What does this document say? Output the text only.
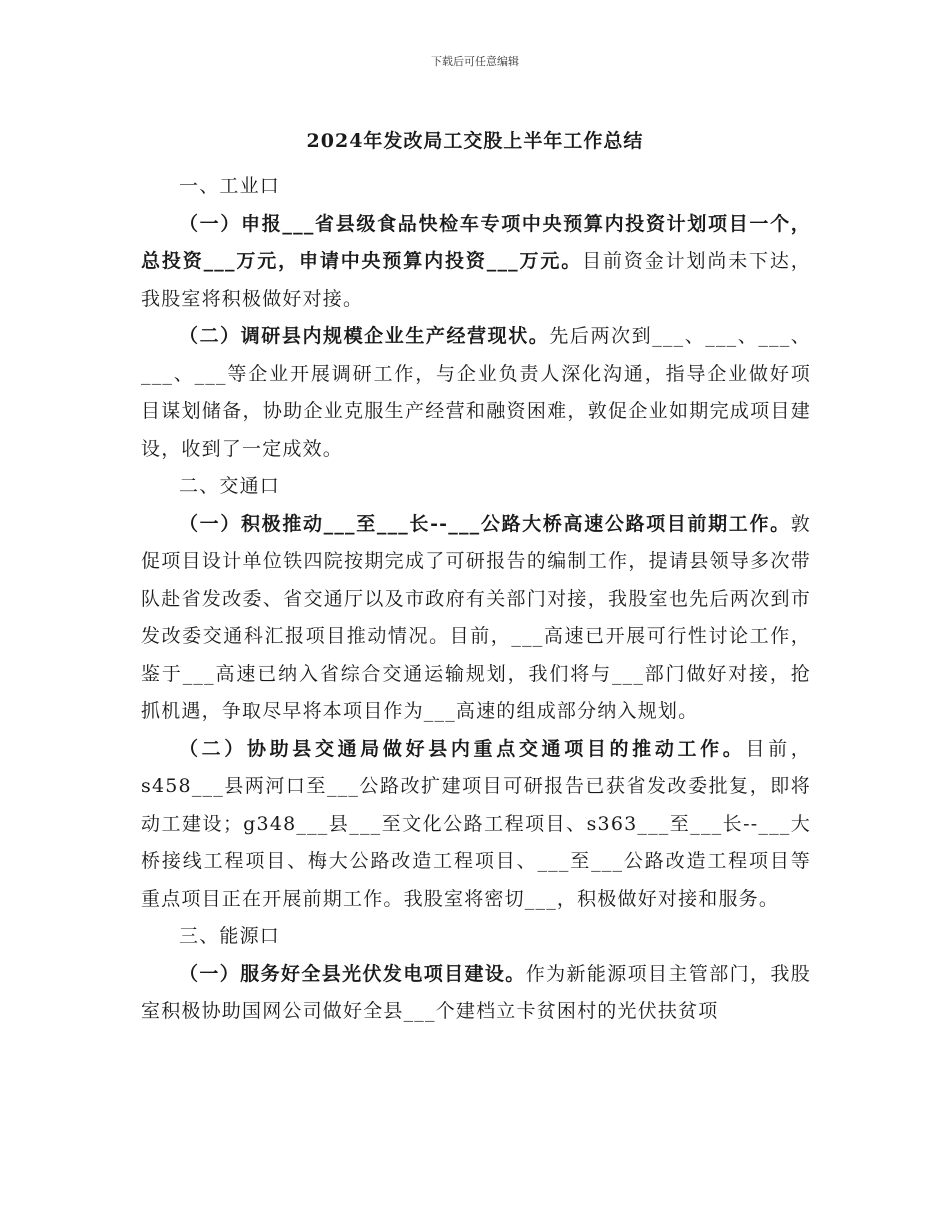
下载后可任意编辑
2024年发改局工交股上半年工作总结

一、工业口

（一）申报___省县级食品快检车专项中央预算内投资计划项目一个，总投资___万元，申请中央预算内投资___万元。目前资金计划尚未下达，我股室将积极做好对接。

（二）调研县内规模企业生产经营现状。先后两次到___、___、___、___、___等企业开展调研工作，与企业负责人深化沟通，指导企业做好项目谋划储备，协助企业克服生产经营和融资困难，敦促企业如期完成项目建设，收到了一定成效。

二、交通口

（一）积极推动___至___长--___公路大桥高速公路项目前期工作。敦促项目设计单位铁四院按期完成了可研报告的编制工作，提请县领导多次带队赴省发改委、省交通厅以及市政府有关部门对接，我股室也先后两次到市发改委交通科汇报项目推动情况。目前，___高速已开展可行性讨论工作，鉴于___高速已纳入省综合交通运输规划，我们将与___部门做好对接，抢抓机遇，争取尽早将本项目作为___高速的组成部分纳入规划。

（二）协助县交通局做好县内重点交通项目的推动工作。目前，s458___县两河口至___公路改扩建项目可研报告已获省发改委批复，即将动工建设；g348___县___至文化公路工程项目、s363___至___长--___大桥接线工程项目、梅大公路改造工程项目、___至___公路改造工程项目等重点项目正在开展前期工作。我股室将密切___，积极做好对接和服务。

三、能源口

（一）服务好全县光伏发电项目建设。作为新能源项目主管部门，我股室积极协助国网公司做好全县___个建档立卡贫困村的光伏扶贫项
